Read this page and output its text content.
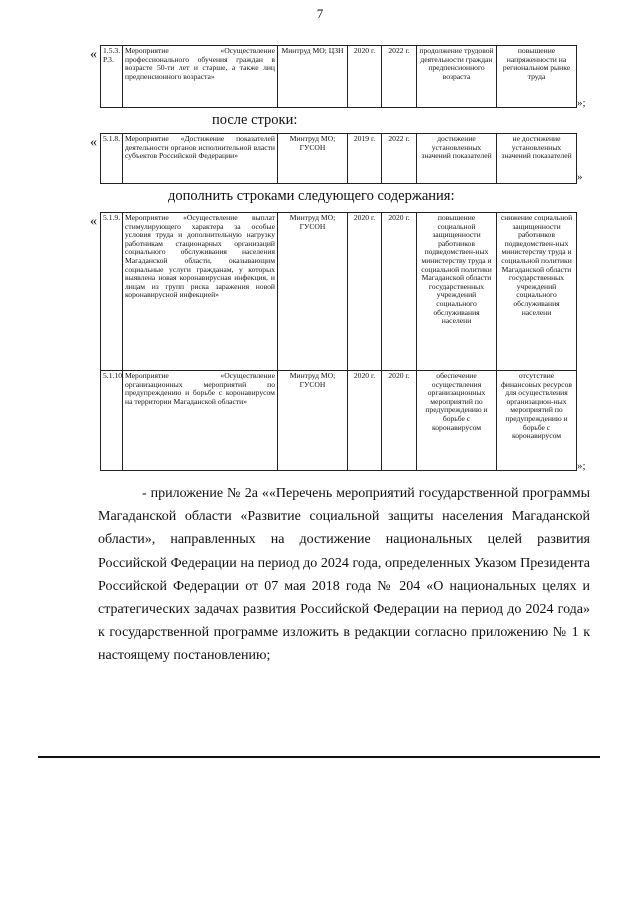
7
« 1.5.3. Р.3.	Мероприятие «Осуществление профессионального обучения граждан в возрасте 50-ти лет и старше, а также лиц предпенсионного возраста»	Минтруд МО; ЦЗН	2020 г.	2022 г.	продолжение трудовой деятельности граждан предпенсионного возраста	повышение напряженности на региональном рынке труда
»;
после строки:
« 5.1.8.	Мероприятие «Достижение показателей деятельности органов исполнительной власти субъектов Российской Федерации»	Минтруд МО; ГУСОН	2019 г.	2022 г.	достижение установленных значений показателей	не достижение установленных значений показателей
»
дополнить строками следующего содержания:
« 5.1.9.	Мероприятие «Осуществление выплат стимулирующего характера за особые условия труда и дополнительную нагрузку работникам стационарных организаций социального обслуживания населения Магаданской области, оказывающим социальные услуги гражданам, у которых выявлена новая коронавирусная инфекция, и лицам из групп риска заражения новой коронавирусной инфекцией»	Минтруд МО; ГУСОН	2020 г.	2020 г.	повышение социальной защищенности работников подведомствен-ных министерству труда и социальной политики Магаданской области государственных учреждений социального обслуживания населени	снижение социальной защищенности работников подведомствен-ных министерству труда и социальной политики Магаданской области государственных учреждений социального обслуживания населени
5.1.10.	Мероприятие «Осуществление организационных мероприятий по предупреждению и борьбе с коронавирусом на территории Магаданской области»	Минтруд МО; ГУСОН	2020 г.	2020 г.	обеспечение осуществления организационных мероприятий по предупреждению и борьбе с коронавирусом	отсутствие финансовых ресурсов для осуществления организацион-ных мероприятий по предупреждению и борьбе с коронавирусом
»;

- приложение № 2а ««Перечень мероприятий государственной программы Магаданской области «Развитие социальной защиты населения Магаданской области», направленных на достижение национальных целей развития Российской Федерации на период до 2024 года, определенных Указом Президента Российской Федерации от 07 мая 2018 года № 204 «О национальных целях и стратегических задачах развития Российской Федерации на период до 2024 года» к государственной программе изложить в редакции согласно приложению № 1 к настоящему постановлению;
